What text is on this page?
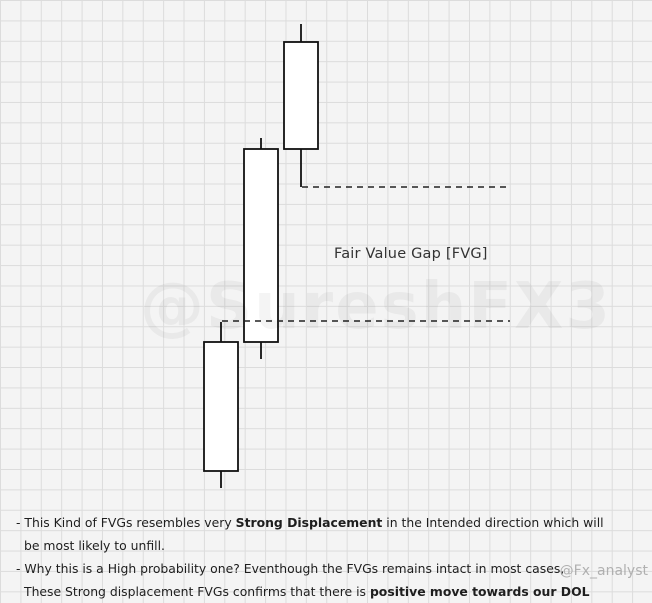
Fair Value Gap [FVG]
- This Kind of FVGs resembles very Strong Displacement in the Intended direction which will
be most likely to unfill.
- Why this is a High probability one? Eventhough the FVGs remains intact in most cases,
These Strong displacement FVGs confirms that there is positive move towards our DOL
@Fx_analyst
